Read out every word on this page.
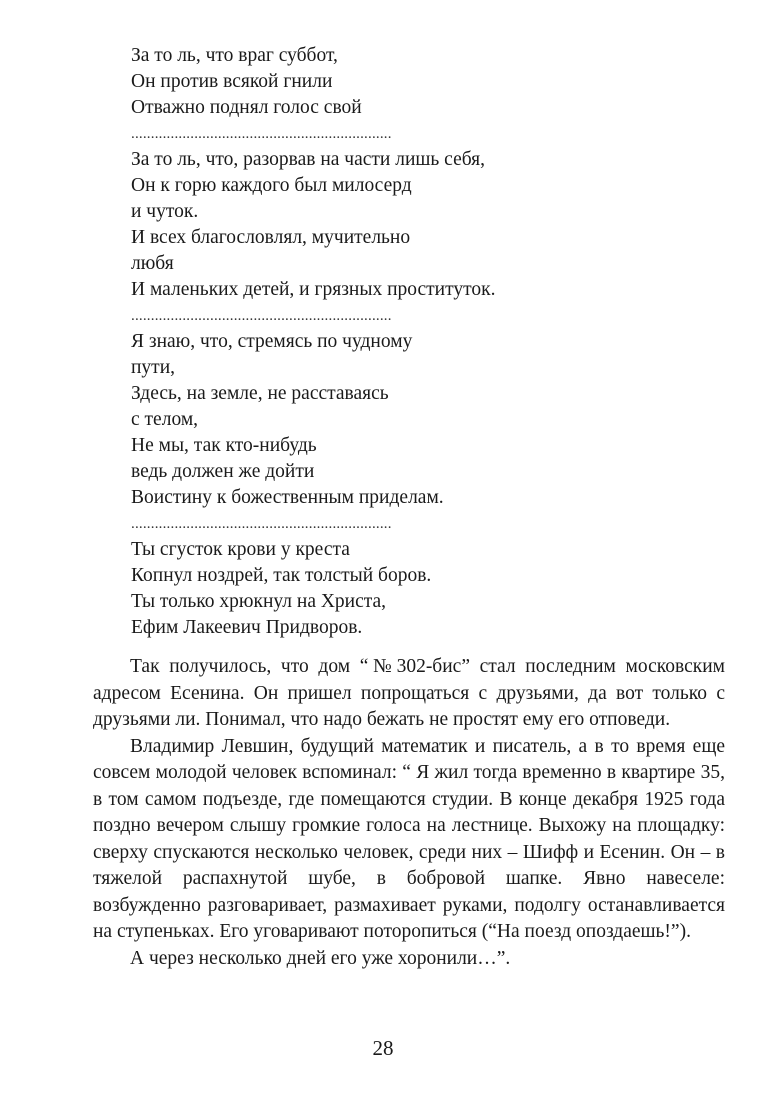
За то ль, что враг суббот,
Он против всякой гнили
Отважно поднял голос свой
..................................................................
За то ль, что, разорвав на части лишь себя,
Он к горю каждого был милосерд
и чуток.
И всех благословлял, мучительно
любя
И маленьких детей, и грязных проституток.
..................................................................
Я знаю, что, стремясь по чудному
пути,
Здесь, на земле, не расставаясь
с телом,
Не мы, так кто-нибудь
ведь должен же дойти
Воистину к божественным приделам.
..................................................................
Ты сгусток крови у креста
Копнул ноздрей, так толстый боров.
Ты только хрюкнул на Христа,
Ефим Лакеевич Придворов.

Так получилось, что дом “№302-бис” стал последним московским адресом Есенина. Он пришел попрощаться с друзьями, да вот только с друзьями ли. Понимал, что надо бежать не простят ему его отповеди.

Владимир Левшин, будущий математик и писатель, а в то время еще совсем молодой человек вспоминал: “ Я жил тогда временно в квартире 35, в том самом подъезде, где помещаются студии. В конце декабря 1925 года поздно вечером слышу громкие голоса на лестнице. Выхожу на площадку: сверху спускаются несколько человек, среди них – Шифф и Есенин. Он – в тяжелой распахнутой шубе, в бобровой шапке. Явно навеселе: возбужденно разговаривает, размахивает руками, подолгу останавливается на ступеньках. Его уговаривают поторопиться (“На поезд опоздаешь!”).

А через несколько дней его уже хоронили…”.

28
